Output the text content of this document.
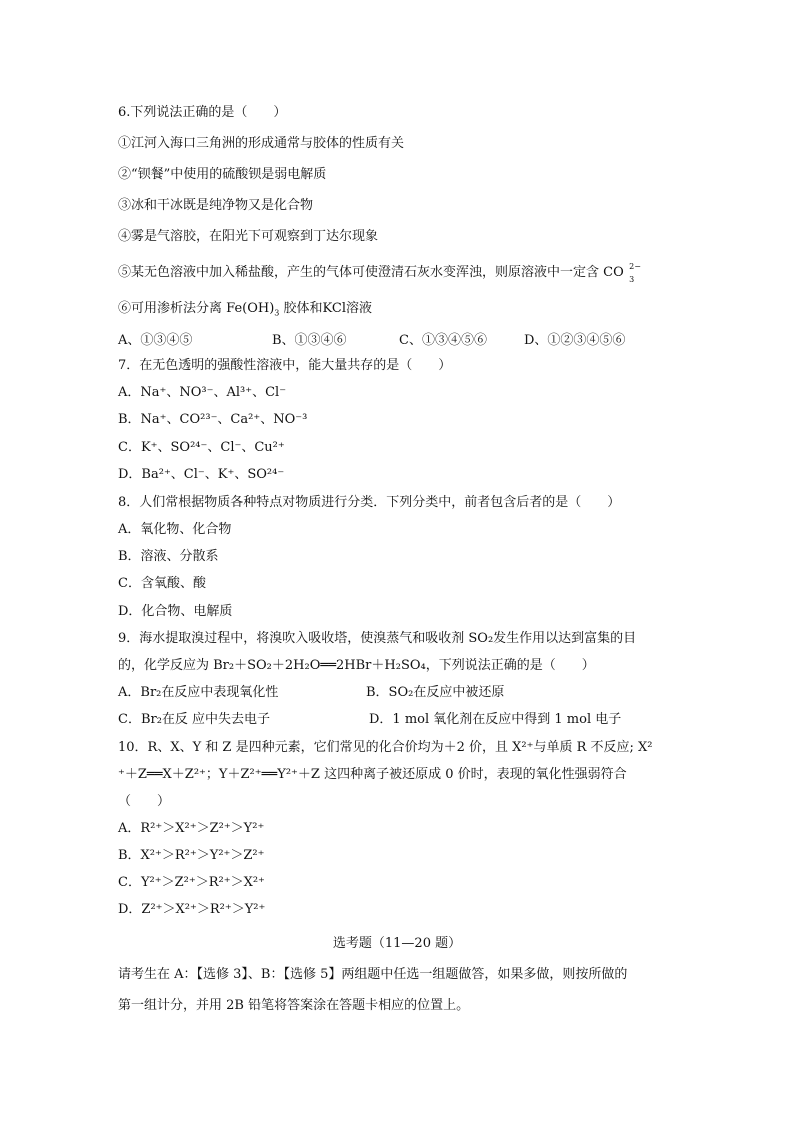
6.下列说法正确的是（　　）
①江河入海口三角洲的形成通常与胶体的性质有关
②“钡餐”中使用的硫酸钡是弱电解质
③冰和干冰既是纯净物又是化合物
④雾是气溶胶，在阳光下可观察到丁达尔现象
⑤某无色溶液中加入稀盐酸，产生的气体可使澄清石灰水变浑浊，则原溶液中一定含 CO 2−
3
⑥可用渗析法分离 $Fe(OH)_3$ 胶体和KCl溶液
A、①③④⑤	B、①③④⑥	C、①③④⑤⑥	D、①②③④⑤⑥
7．在无色透明的强酸性溶液中，能大量共存的是（　　）
A．Na⁺、NO³⁻、Al³⁺、Cl⁻
B．Na⁺、CO²³⁻、Ca²⁺、NO⁻³
C．K⁺、SO²⁴⁻、Cl⁻、Cu²⁺
D．Ba²⁺、Cl⁻、K⁺、SO²⁴⁻
8．人们常根据物质各种特点对物质进行分类．下列分类中，前者包含后者的是（　　）
A．氧化物、化合物
B．溶液、分散系
C．含氧酸、酸
D．化合物、电解质
9．海水提取溴过程中，将溴吹入吸收塔，使溴蒸气和吸收剂 SO₂发生作用以达到富集的目
的，化学反应为 Br₂＋SO₂＋2H₂O══2HBr＋H₂SO₄，下列说法正确的是（　　）
A．Br₂在反应中表现氧化性	B．SO₂在反应中被还原
C．Br₂在反 应中失去电子	D．1 mol 氧化剂在反应中得到 1 mol 电子
10．R、X、Y 和 Z 是四种元素，它们常见的化合价均为＋2 价，且 X²⁺与单质 R 不反应; X²
⁺＋Z══X＋Z²⁺；Y＋Z²⁺══Y²⁺＋Z 这四种离子被还原成 0 价时，表现的氧化性强弱符合
（　　）
A．R²⁺＞X²⁺＞Z²⁺＞Y²⁺
B．X²⁺＞R²⁺＞Y²⁺＞Z²⁺
C．Y²⁺＞Z²⁺＞R²⁺＞X²⁺
D．Z²⁺＞X²⁺＞R²⁺＞Y²⁺
选考题（11—20 题）
请考生在 A：【选修 3】、B：【选修 5】两组题中任选一组题做答，如果多做，则按所做的
第一组计分，并用 2B 铅笔将答案涂在答题卡相应的位置上。
